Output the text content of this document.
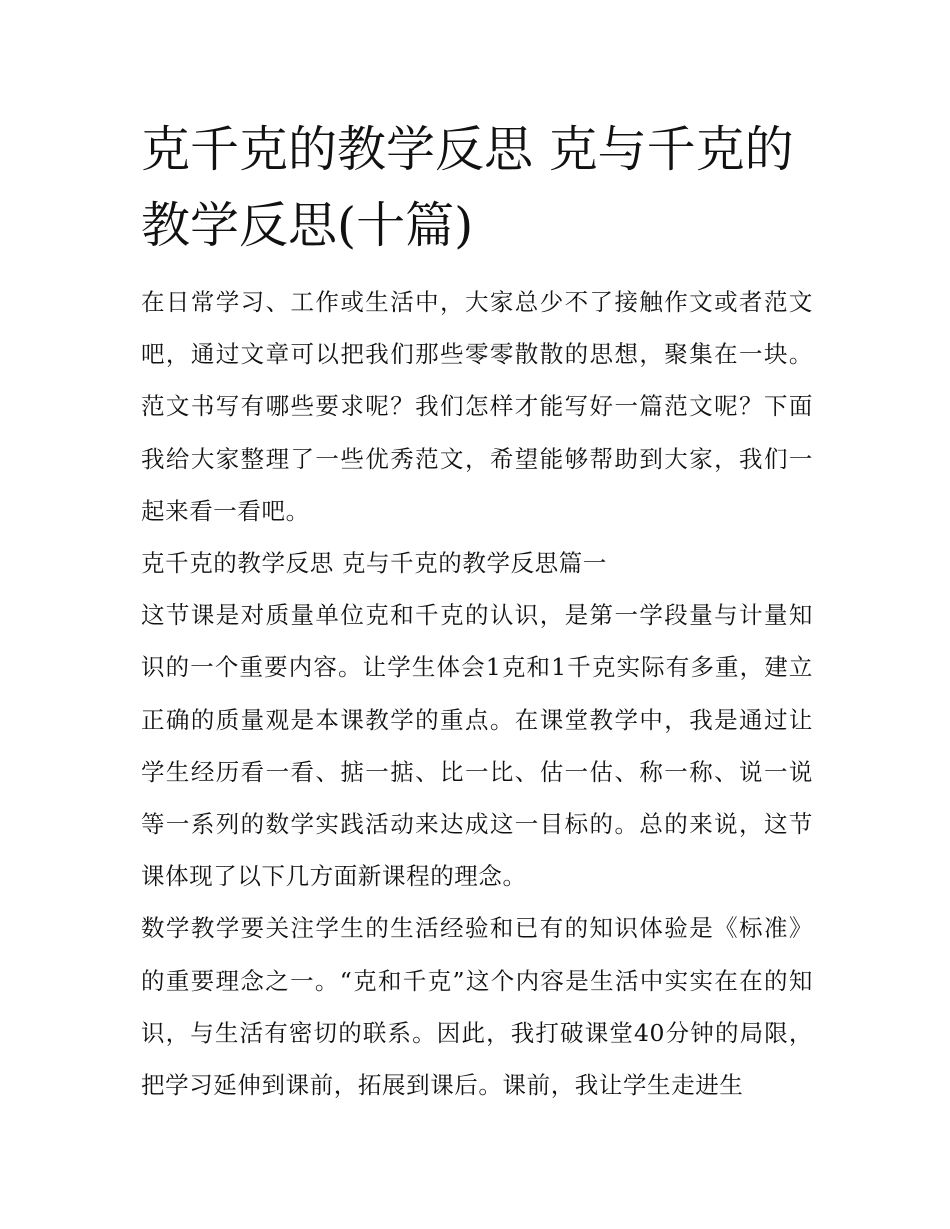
克千克的教学反思 克与千克的教学反思(十篇)

在日常学习、工作或生活中，大家总少不了接触作文或者范文吧，通过文章可以把我们那些零零散散的思想，聚集在一块。范文书写有哪些要求呢？我们怎样才能写好一篇范文呢？下面我给大家整理了一些优秀范文，希望能够帮助到大家，我们一起来看一看吧。

克千克的教学反思 克与千克的教学反思篇一

这节课是对质量单位克和千克的认识，是第一学段量与计量知识的一个重要内容。让学生体会1克和1千克实际有多重，建立正确的质量观是本课教学的重点。在课堂教学中，我是通过让学生经历看一看、掂一掂、比一比、估一估、称一称、说一说等一系列的数学实践活动来达成这一目标的。总的来说，这节课体现了以下几方面新课程的理念。

数学教学要关注学生的生活经验和已有的知识体验是《标准》的重要理念之一。“克和千克”这个内容是生活中实实在在的知识，与生活有密切的联系。因此，我打破课堂40分钟的局限，把学习延伸到课前，拓展到课后。课前，我让学生走进生
